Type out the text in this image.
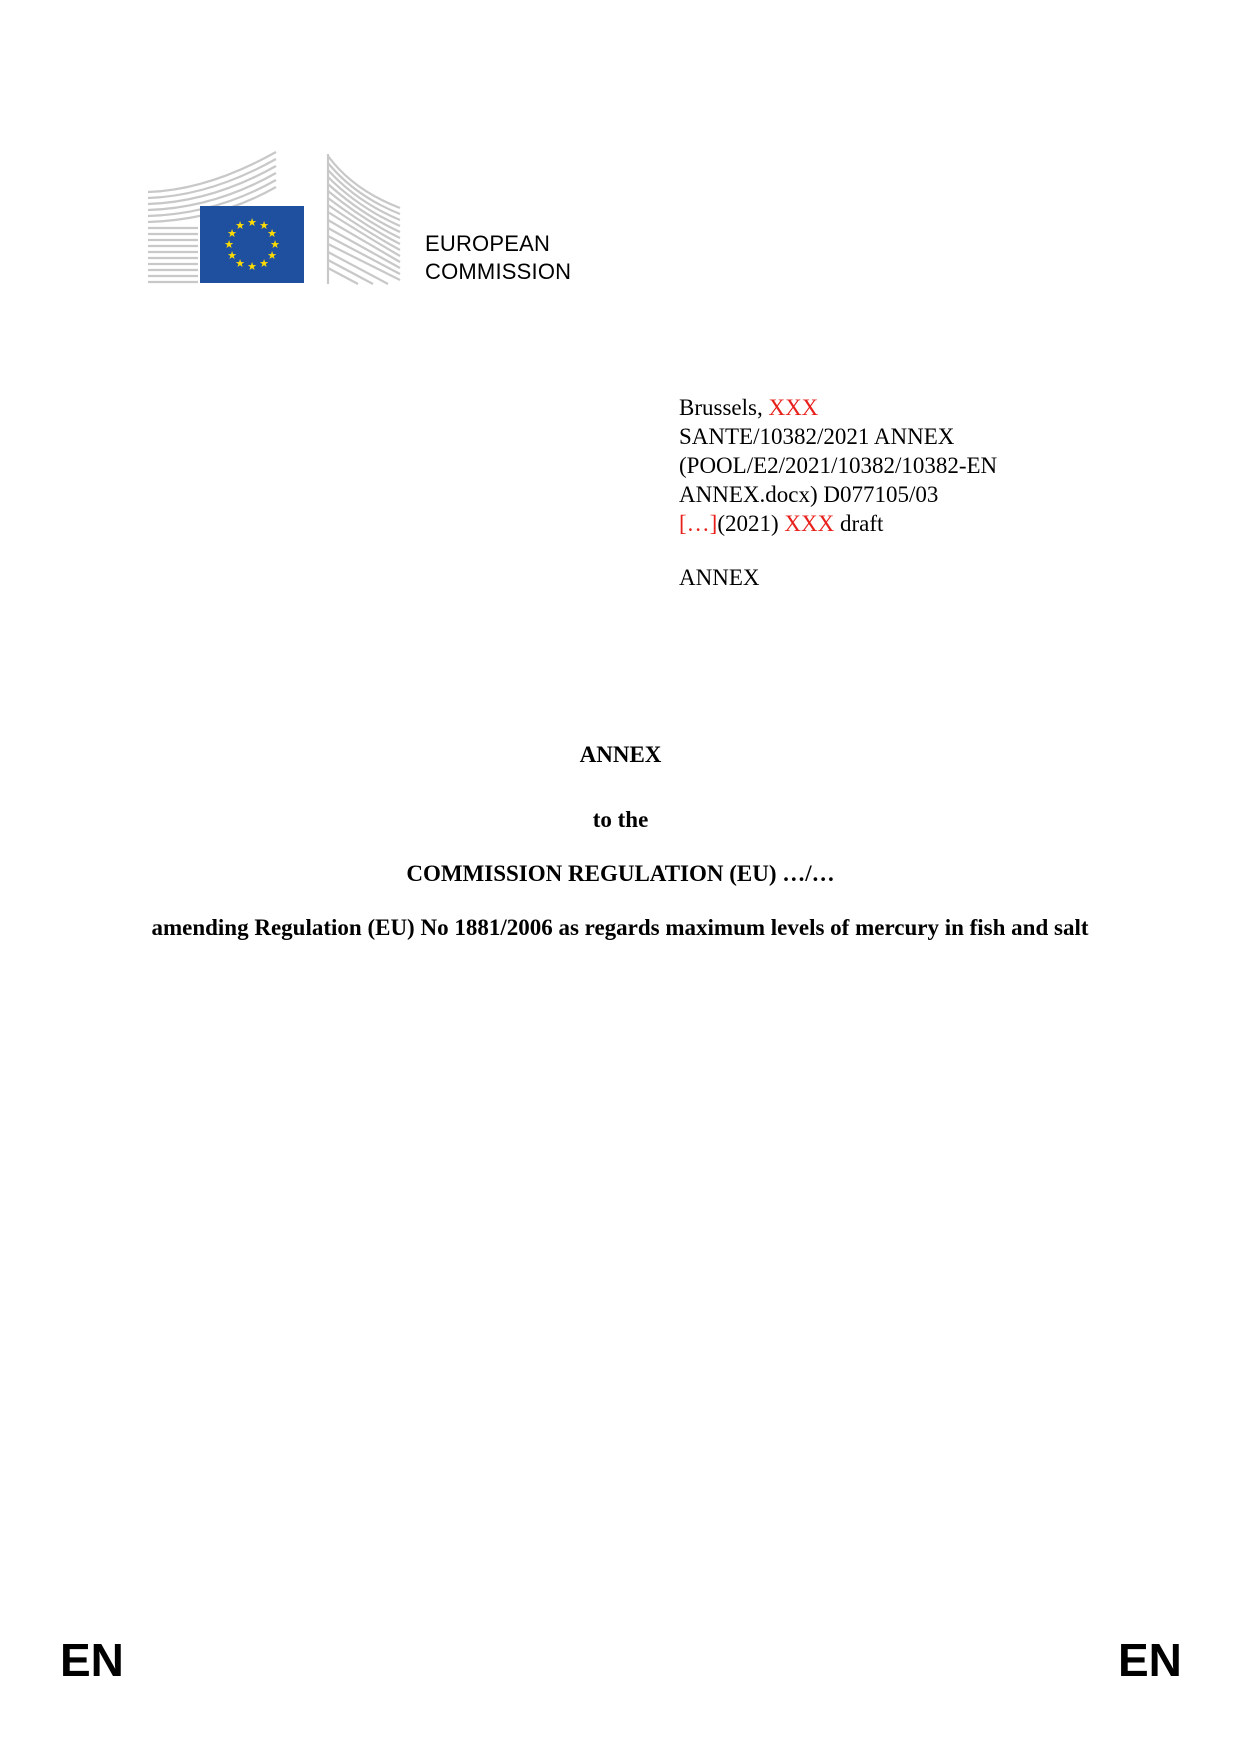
★ ★
★
★
★
★
★
★
★
★
★
★
EUROPEAN
COMMISSION
Brussels, XXX
SANTE/10382/2021 ANNEX
(POOL/E2/2021/10382/10382-EN
ANNEX.docx) D077105/03
[…](2021) XXX draft
ANNEX
ANNEX
to the
COMMISSION REGULATION (EU) …/…
amending Regulation (EU) No 1881/2006 as regards maximum levels of mercury in fish and salt
EN	EN
